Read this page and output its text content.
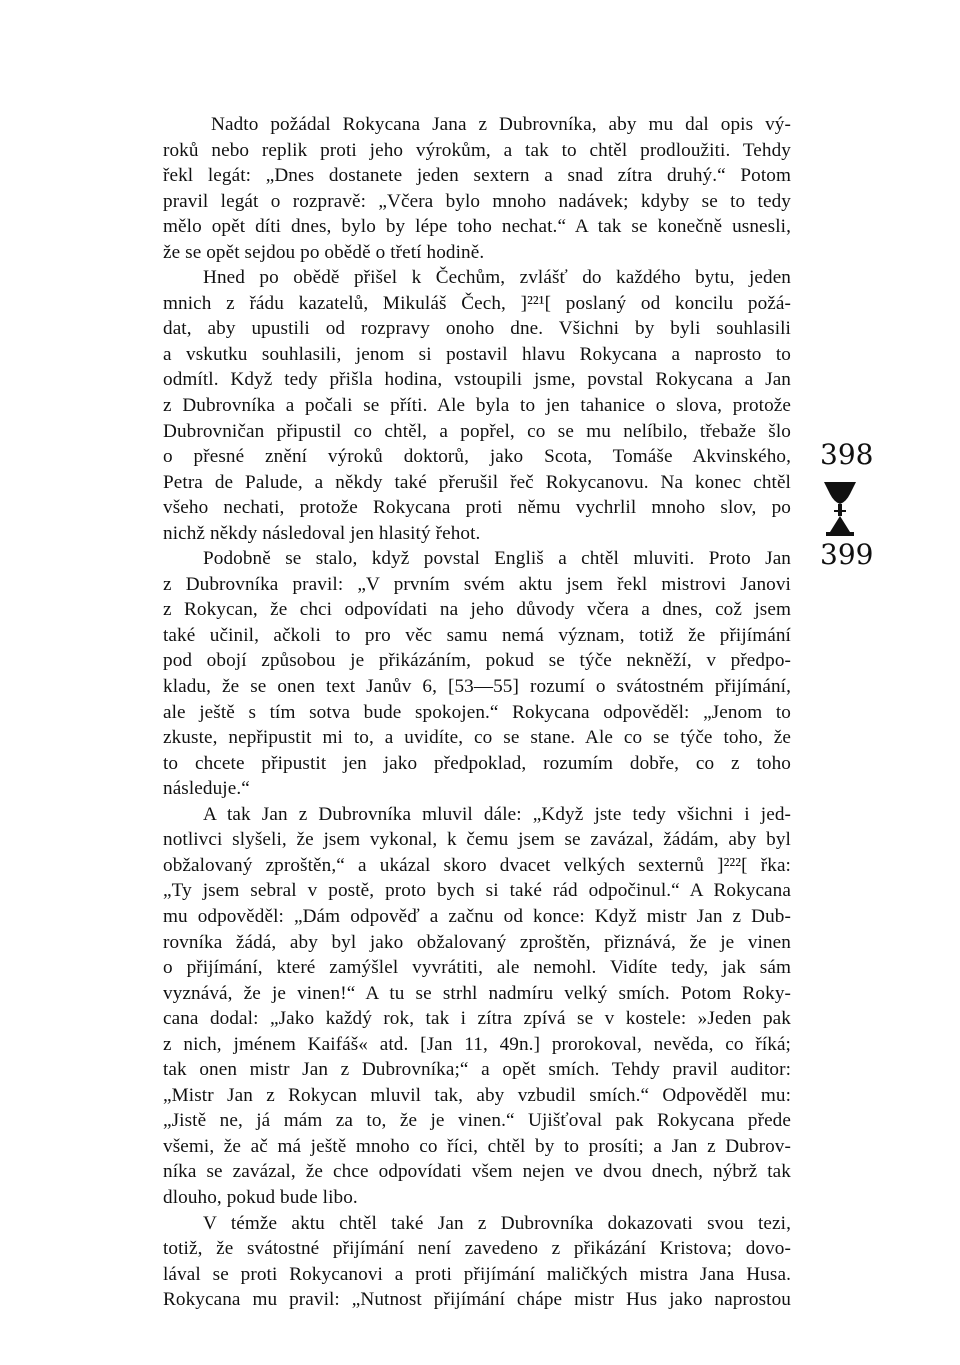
Nadto požádal Rokycana Jana z Dubrovníka, aby mu dal opis vý-
roků nebo replik proti jeho výrokům, a tak to chtěl prodloužiti. Tehdy
řekl legát: „Dnes dostanete jeden sextern a snad zítra druhý.“ Potom
pravil legát o rozpravě: „Včera bylo mnoho nadávek; kdyby se to tedy
mělo opět díti dnes, bylo by lépe toho nechat.“ A tak se konečně usnesli,
že se opět sejdou po obědě o třetí hodině.
Hned po obědě přišel k Čechům, zvlášť do každého bytu, jeden
mnich z řádu kazatelů, Mikuláš Čech, ]²²¹[ poslaný od koncilu požá-
dat, aby upustili od rozpravy onoho dne. Všichni by byli souhlasili
a vskutku souhlasili, jenom si postavil hlavu Rokycana a naprosto to
odmítl. Když tedy přišla hodina, vstoupili jsme, povstal Rokycana a Jan
z Dubrovníka a počali se příti. Ale byla to jen tahanice o slova, protože
Dubrovničan připustil co chtěl, a popřel, co se mu nelíbilo, třebaže šlo
o přesné znění výroků doktorů, jako Scota, Tomáše Akvinského,
Petra de Palude, a někdy také přerušil řeč Rokycanovu. Na konec chtěl
všeho nechati, protože Rokycana proti němu vychrlil mnoho slov, po
nichž někdy následoval jen hlasitý řehot.
Podobně se stalo, když povstal Engliš a chtěl mluviti. Proto Jan
z Dubrovníka pravil: „V prvním svém aktu jsem řekl mistrovi Janovi
z Rokycan, že chci odpovídati na jeho důvody včera a dnes, což jsem
také učinil, ačkoli to pro věc samu nemá význam, totiž že přijímání
pod obojí způsobou je přikázáním, pokud se týče nekněží, v předpo-
kladu, že se onen text Janův 6, [53—55] rozumí o svátostném přijímání,
ale ještě s tím sotva bude spokojen.“ Rokycana odpověděl: „Jenom to
zkuste, nepřipustit mi to, a uvidíte, co se stane. Ale co se týče toho, že
to chcete připustit jen jako předpoklad, rozumím dobře, co z toho
následuje.“
A tak Jan z Dubrovníka mluvil dále: „Když jste tedy všichni i jed-
notlivci slyšeli, že jsem vykonal, k čemu jsem se zavázal, žádám, aby byl
obžalovaný zproštěn,“ a ukázal skoro dvacet velkých sexternů ]²²²[ řka:
„Ty jsem sebral v postě, proto bych si také rád odpočinul.“ A Rokycana
mu odpověděl: „Dám odpověď a začnu od konce: Když mistr Jan z Dub-
rovníka žádá, aby byl jako obžalovaný zproštěn, přiznává, že je vinen
o přijímání, které zamýšlel vyvrátiti, ale nemohl. Vidíte tedy, jak sám
vyznává, že je vinen!“ A tu se strhl nadmíru velký smích. Potom Roky-
cana dodal: „Jako každý rok, tak i zítra zpívá se v kostele: »Jeden pak
z nich, jménem Kaifáš« atd. [Jan 11, 49n.] prorokoval, nevěda, co říká;
tak onen mistr Jan z Dubrovníka;“ a opět smích. Tehdy pravil auditor:
„Mistr Jan z Rokycan mluvil tak, aby vzbudil smích.“ Odpověděl mu:
„Jistě ne, já mám za to, že je vinen.“ Ujišťoval pak Rokycana přede
všemi, že ač má ještě mnoho co říci, chtěl by to prosíti; a Jan z Dubrov-
níka se zavázal, že chce odpovídati všem nejen ve dvou dnech, nýbrž tak
dlouho, pokud bude libo.
V témže aktu chtěl také Jan z Dubrovníka dokazovati svou tezi,
totiž, že svátostné přijímání není zavedeno z přikázání Kristova; dovo-
lával se proti Rokycanovi a proti přijímání maličkých mistra Jana Husa.
Rokycana mu pravil: „Nutnost přijímání chápe mistr Hus jako naprostou
398
399
